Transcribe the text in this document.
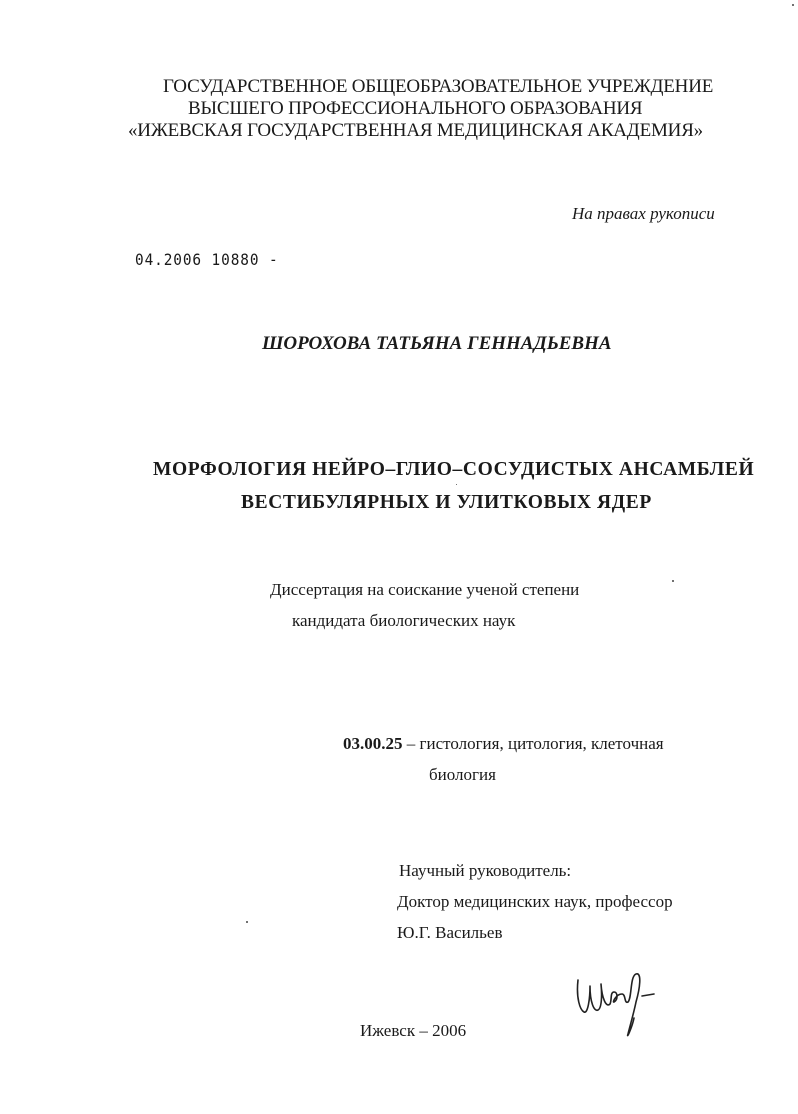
ГОСУДАРСТВЕННОЕ ОБЩЕОБРАЗОВАТЕЛЬНОЕ УЧРЕЖДЕНИЕ
ВЫСШЕГО ПРОФЕССИОНАЛЬНОГО ОБРАЗОВАНИЯ
«ИЖЕВСКАЯ ГОСУДАРСТВЕННАЯ МЕДИЦИНСКАЯ АКАДЕМИЯ»
На правах рукописи
04.2006 10880 -
ШОРОХОВА ТАТЬЯНА ГЕННАДЬЕВНА
МОРФОЛОГИЯ НЕЙРО–ГЛИО–СОСУДИСТЫХ АНСАМБЛЕЙ
ВЕСТИБУЛЯРНЫХ И УЛИТКОВЫХ ЯДЕР
Диссертация на соискание ученой степени
кандидата биологических наук
03.00.25 – гистология, цитология, клеточная
биология
Научный руководитель:
Доктор медицинских наук, профессор
Ю.Г. Васильев
Ижевск – 2006
